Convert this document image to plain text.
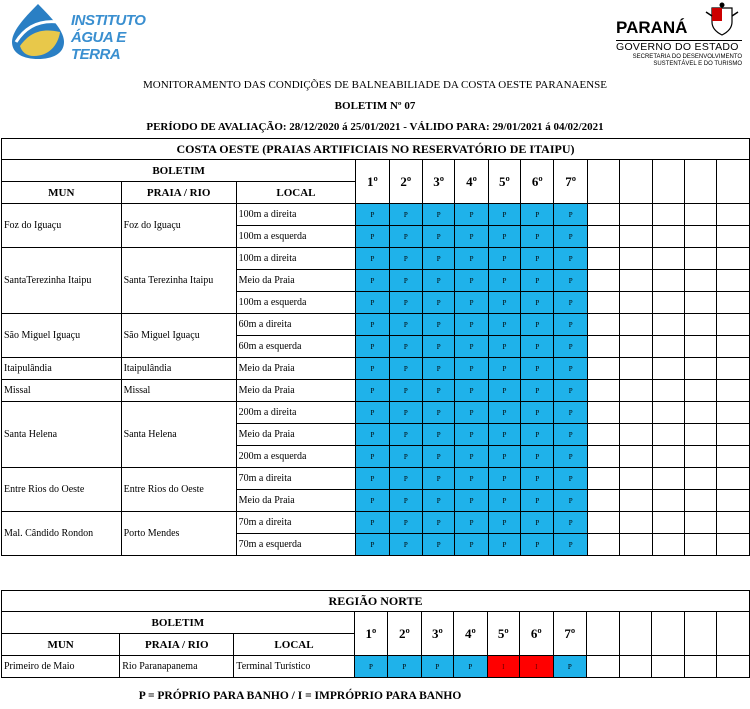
INSTITUTO
ÁGUA E TERRA
PARANÁ
GOVERNO DO ESTADO
SECRETARIA DO DESENVOLVIMENTO
SUSTENTÁVEL E DO TURISMO
MONITORAMENTO DAS CONDIÇÕES DE BALNEABILIADE DA COSTA OESTE PARANAENSE
BOLETIM Nº 07
PERÍODO DE AVALIAÇÃO: 28/12/2020 á 25/01/2021 - VÁLIDO PARA: 29/01/2021 á 04/02/2021
COSTA OESTE (PRAIAS ARTIFICIAIS NO RESERVATÓRIO DE ITAIPU)														
BOLETIM			1º	2º	3º	4º	5º	6º	7º					
MUN	PRAIA / RIO	LOCAL												
Foz do Iguaçu	Foz do Iguaçu	100m a direita	P	P	P	P	P	P	P					
		100m a esquerda	P	P	P	P	P	P	P					
SantaTerezinha Itaipu	Santa Terezinha Itaipu	100m a direita	P	P	P	P	P	P	P					
		Meio da Praia	P	P	P	P	P	P	P					
		100m a esquerda	P	P	P	P	P	P	P					
São Miguel Iguaçu	São Miguel Iguaçu	60m a direita	P	P	P	P	P	P	P					
		60m a esquerda	P	P	P	P	P	P	P					
Itaipulândia	Itaipulândia	Meio da Praia	P	P	P	P	P	P	P					
Missal	Missal	Meio da Praia	P	P	P	P	P	P	P					
Santa Helena	Santa Helena	200m a direita	P	P	P	P	P	P	P					
		Meio da Praia	P	P	P	P	P	P	P					
		200m a esquerda	P	P	P	P	P	P	P					
Entre Rios do Oeste	Entre Rios do Oeste	70m a direita	P	P	P	P	P	P	P					
		Meio da Praia	P	P	P	P	P	P	P					
Mal. Cândido Rondon	Porto Mendes	70m a direita	P	P	P	P	P	P	P					
		70m a esquerda	P	P	P	P	P	P	P					
REGIÃO NORTE														
BOLETIM			1º	2º	3º	4º	5º	6º	7º					
MUN	PRAIA / RIO	LOCAL												
Primeiro de Maio	Rio Paranapanema	Terminal Turístico	P	P	P	P	I	I	P					
P = PRÓPRIO PARA BANHO / I = IMPRÓPRIO PARA BANHO
